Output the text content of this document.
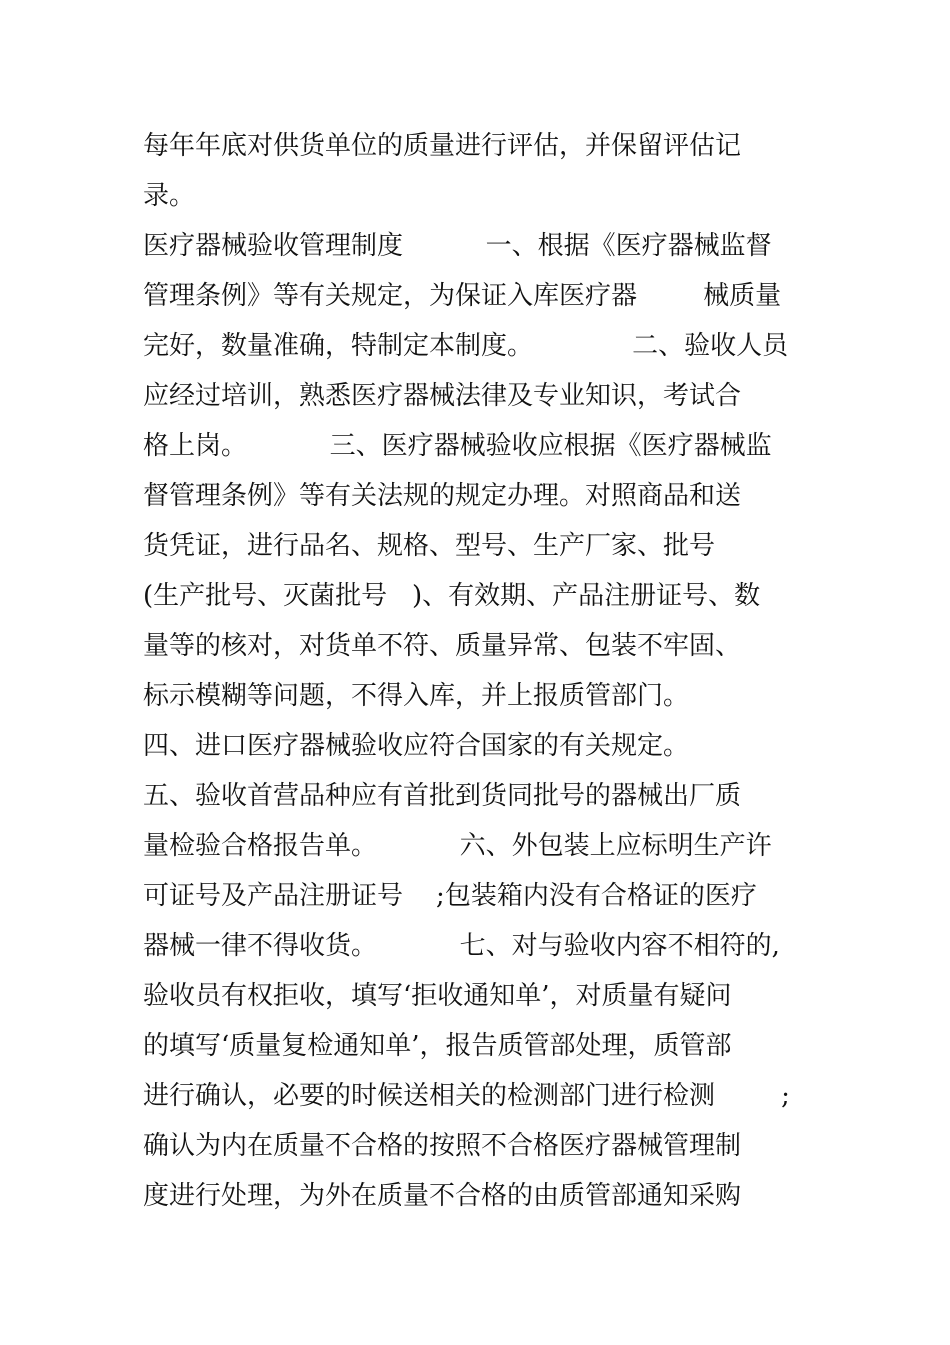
每年年底对供货单位的质量进行评估，并保留评估记
录。
医疗器械验收管理制度          一、根据《医疗器械监督
管理条例》等有关规定，为保证入库医疗器        械质量
完好，数量准确，特制定本制度。            二、验收人员
应经过培训，熟悉医疗器械法律及专业知识，考试合
格上岗。          三、医疗器械验收应根据《医疗器械监
督管理条例》等有关法规的规定办理。对照商品和送
货凭证，进行品名、规格、型号、生产厂家、批号
(生产批号、灭菌批号   )、有效期、产品注册证号、数
量等的核对，对货单不符、质量异常、包装不牢固、
标示模糊等问题，不得入库，并上报质管部门。
四、进口医疗器械验收应符合国家的有关规定。
五、验收首营品种应有首批到货同批号的器械出厂质
量检验合格报告单。          六、外包装上应标明生产许
可证号及产品注册证号    ;包装箱内没有合格证的医疗
器械一律不得收货。          七、对与验收内容不相符的,
验收员有权拒收，填写‘拒收通知单’，对质量有疑问
的填写‘质量复检通知单’，报告质管部处理，质管部
进行确认，必要的时候送相关的检测部门进行检测        ;
确认为内在质量不合格的按照不合格医疗器械管理制
度进行处理，为外在质量不合格的由质管部通知采购
